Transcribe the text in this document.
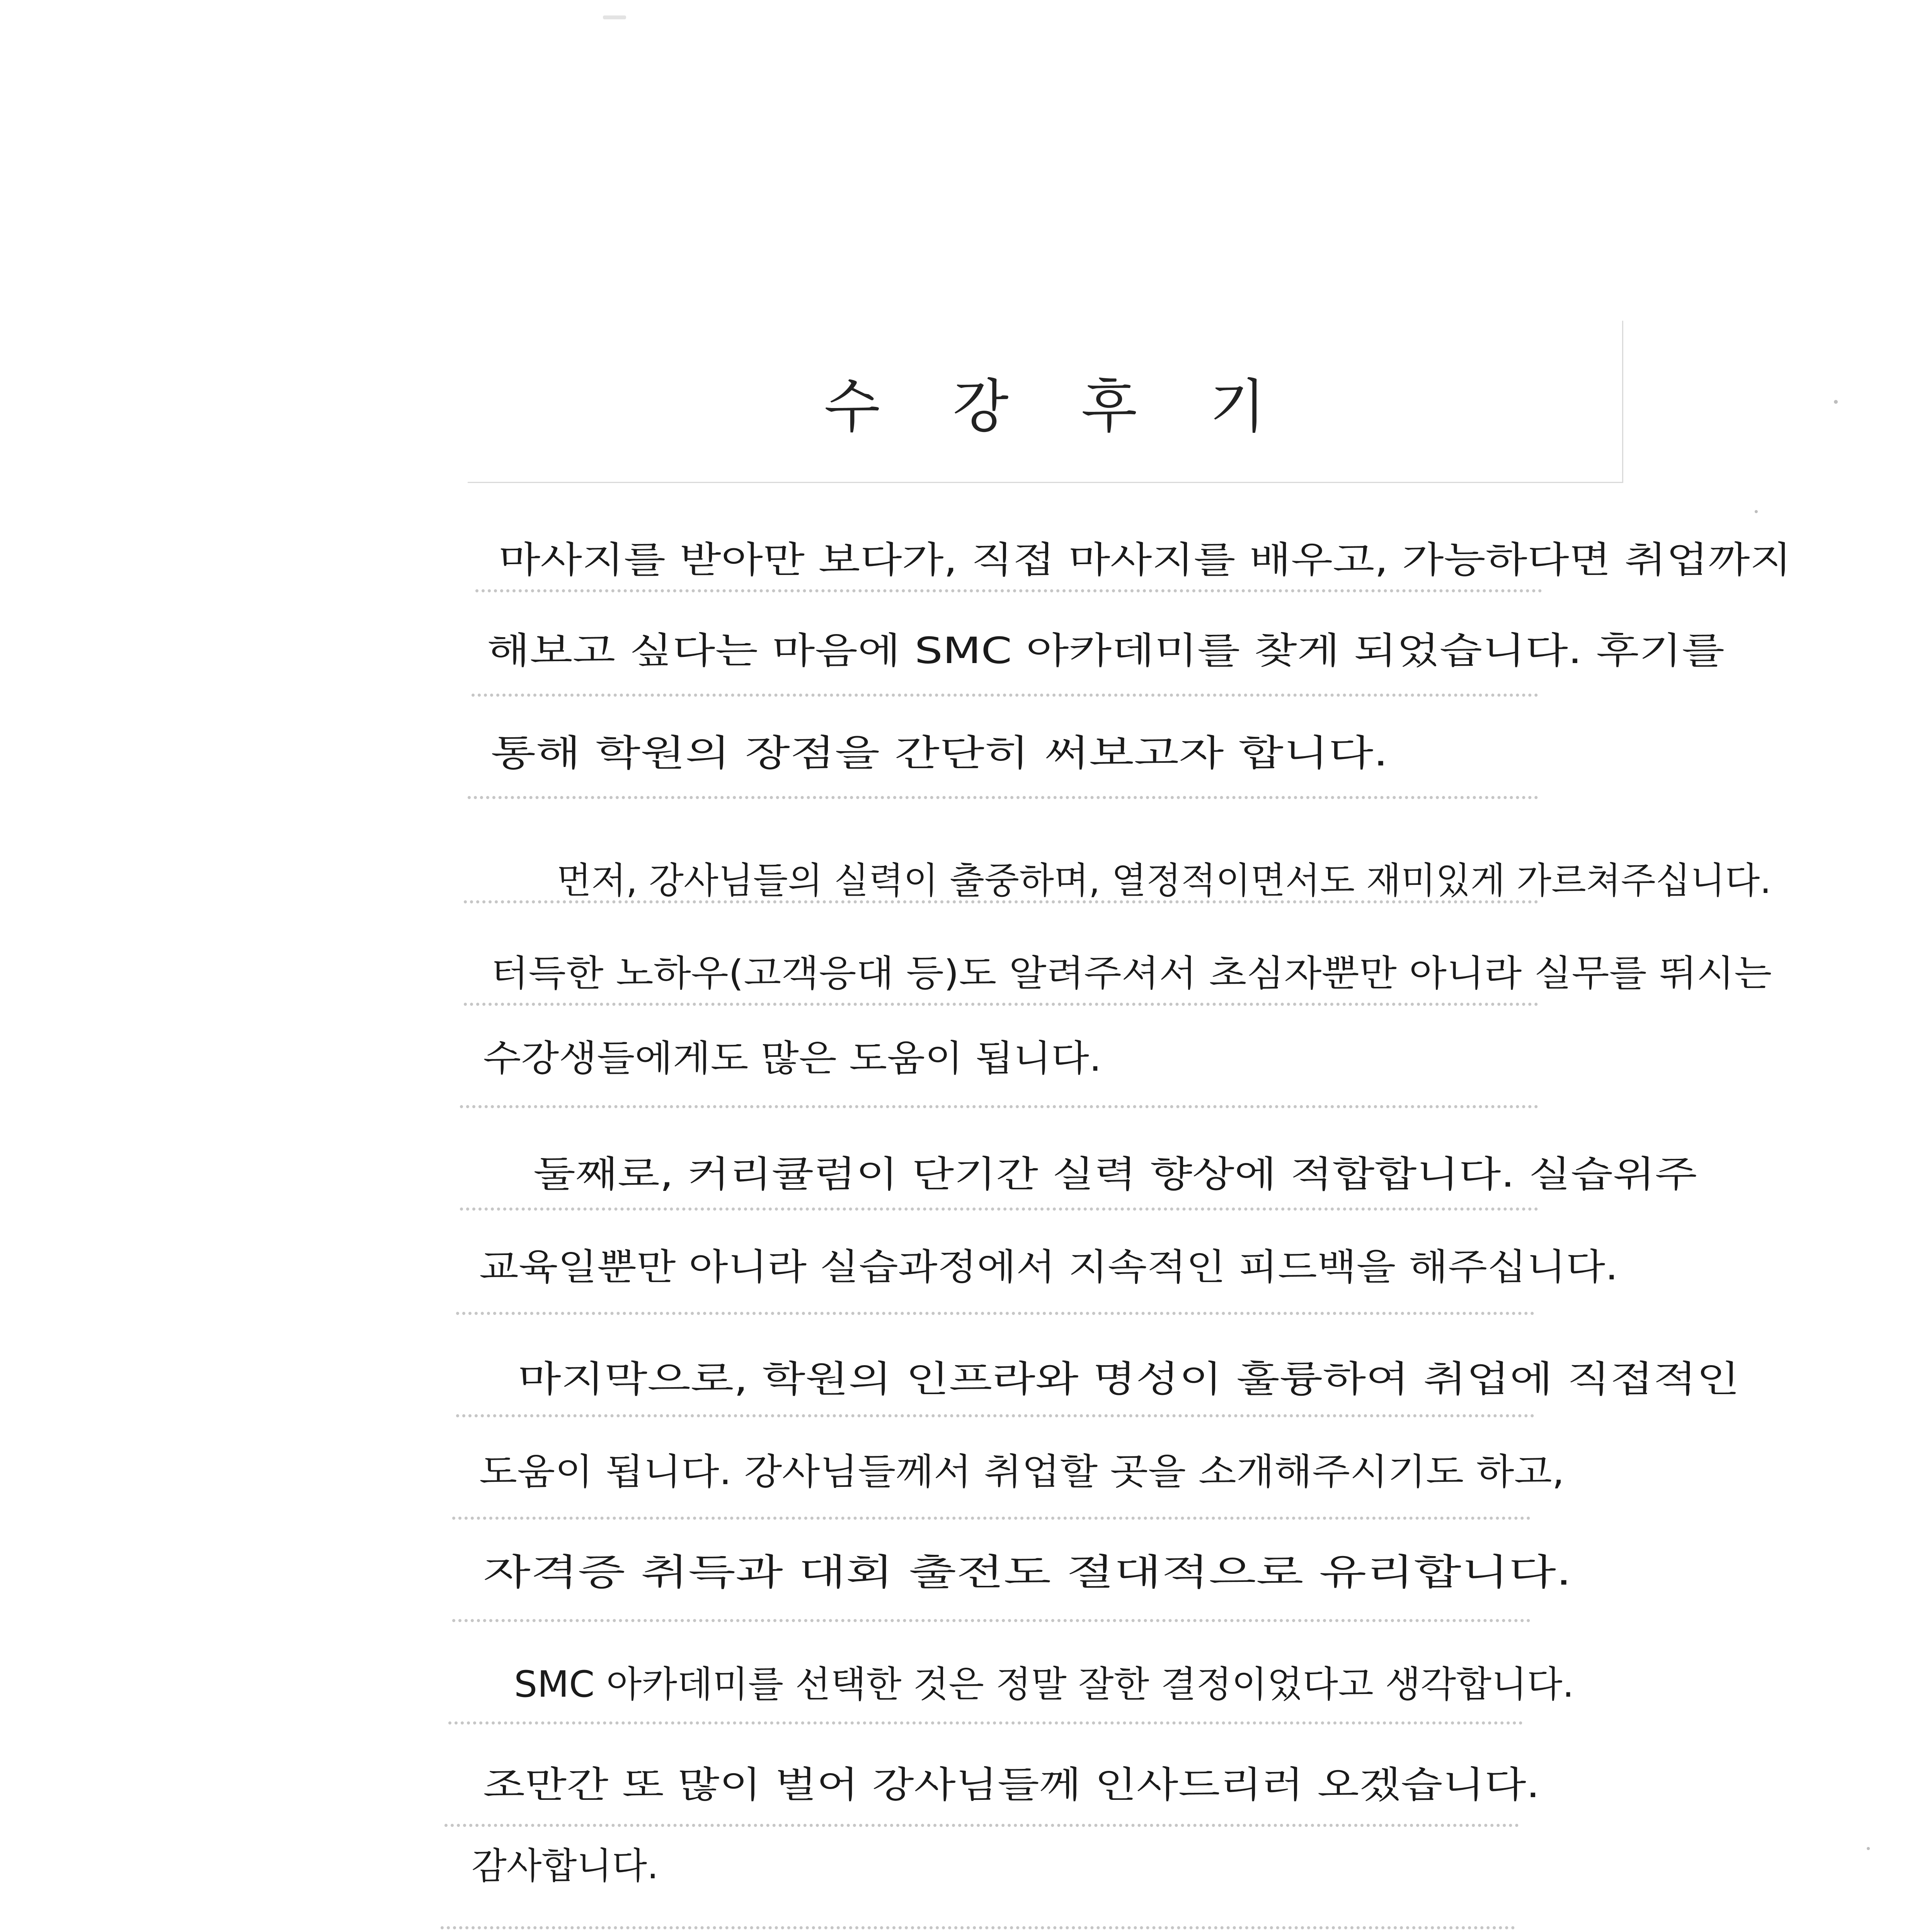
수 강 후 기
마사지를 받아만 보다가, 직접 마사지를 배우고, 가능하다면 취업까지
해보고 싶다는 마음에 SMC 아카데미를 찾게 되었습니다. 후기를
통해 학원의 장점을 간단히 써보고자 합니다.
먼저, 강사님들의 실력이 출중하며, 열정적이면서도 재미있게 가르쳐주십니다.
터득한 노하우(고객응대 등)도 알려주셔서 초심자뿐만 아니라 실무를 뛰시는
수강생들에게도 많은 도움이 됩니다.
둘째로, 커리큘럼이 단기간 실력 향상에 적합합니다. 실습위주
교육일뿐만 아니라 실습과정에서 지속적인 피드백을 해주십니다.
마지막으로, 학원의 인프라와 명성이 훌륭하여 취업에 직접적인
도움이 됩니다. 강사님들께서 취업할 곳을 소개해주시기도 하고,
자격증 취득과 대회 출전도 절대적으로 유리합니다.
SMC 아카데미를 선택한 것은 정말 잘한 결정이었다고 생각합니다.
조만간 또 많이 벌어 강사님들께 인사드리러 오겠습니다.
감사합니다.
